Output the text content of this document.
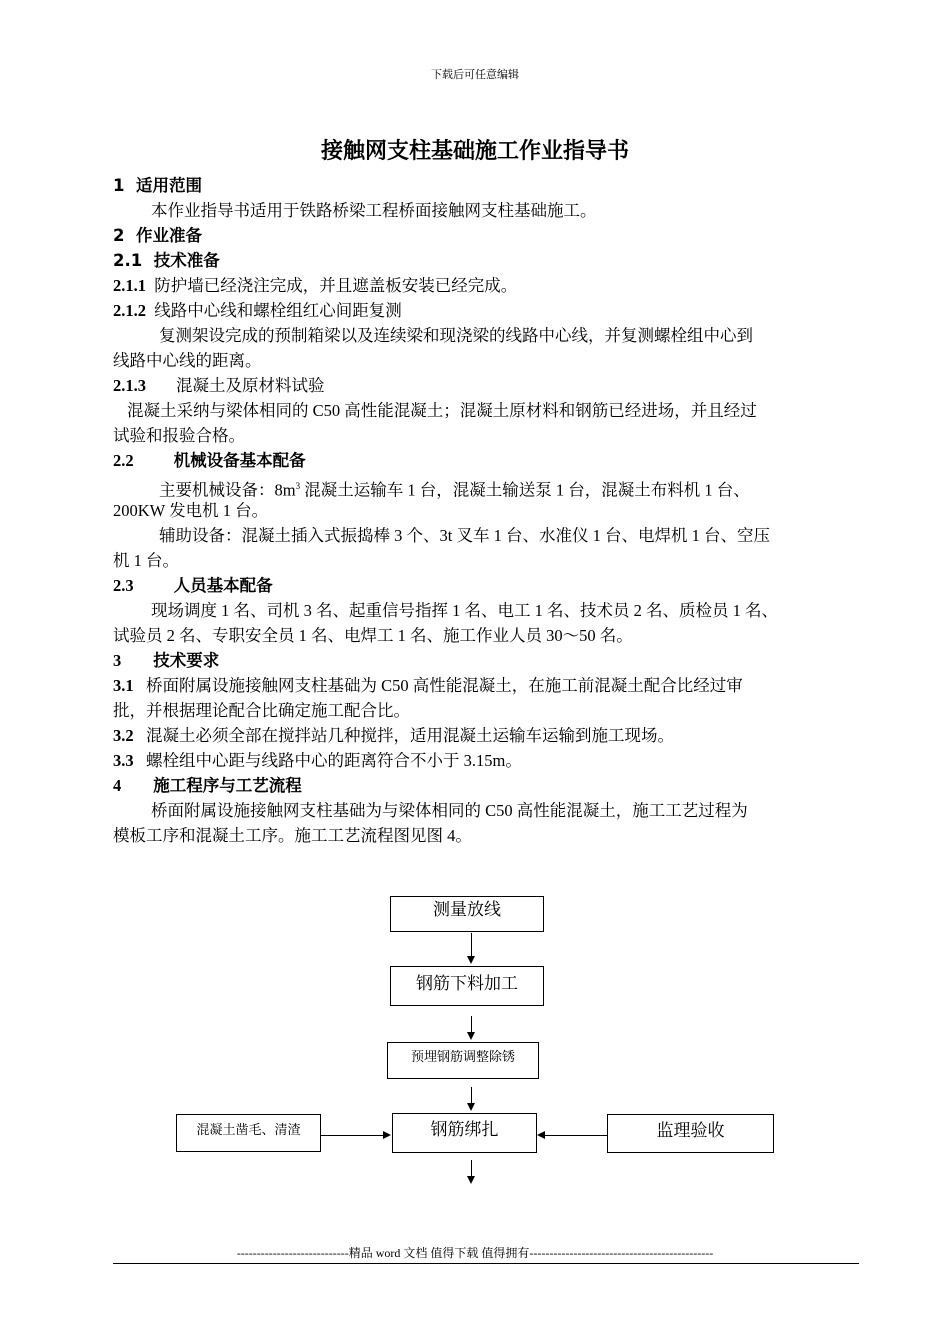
下载后可任意编辑
接触网支柱基础施工作业指导书
1 适用范围
本作业指导书适用于铁路桥梁工程桥面接触网支柱基础施工。
2 作业准备
2.1 技术准备
2.1.1 防护墙已经浇注完成，并且遮盖板安装已经完成。
2.1.2 线路中心线和螺栓组红心间距复测
复测架设完成的预制箱梁以及连续梁和现浇梁的线路中心线，并复测螺栓组中心到
线路中心线的距离。
2.1.3 混凝土及原材料试验
混凝土采纳与梁体相同的 C50 高性能混凝土；混凝土原材料和钢筋已经进场，并且经过
试验和报验合格。
2.2 机械设备基本配备
主要机械设备：$8m^3$ 混凝土运输车 1 台，混凝土输送泵 1 台，混凝土布料机 1 台、
200KW 发电机 1 台。
辅助设备：混凝土插入式振捣棒 3 个、3t 叉车 1 台、水准仪 1 台、电焊机 1 台、空压
机 1 台。
2.3 人员基本配备
现场调度 1 名、司机 3 名、起重信号指挥 1 名、电工 1 名、技术员 2 名、质检员 1 名、
试验员 2 名、专职安全员 1 名、电焊工 1 名、施工作业人员 30～50 名。
3 技术要求
3.1 桥面附属设施接触网支柱基础为 C50 高性能混凝土，在施工前混凝土配合比经过审
批，并根据理论配合比确定施工配合比。
3.2 混凝土必须全部在搅拌站几种搅拌，适用混凝土运输车运输到施工现场。
3.3 螺栓组中心距与线路中心的距离符合不小于 3.15m。
4 施工程序与工艺流程
桥面附属设施接触网支柱基础为与梁体相同的 C50 高性能混凝土，施工工艺过程为
模板工序和混凝土工序。施工工艺流程图见图 4。
测量放线
钢筋下料加工
预埋钢筋调整除锈
钢筋绑扎
混凝土凿毛、清渣	监理验收
----------------------------精品 word 文档 值得下载 值得拥有----------------------------------------------
